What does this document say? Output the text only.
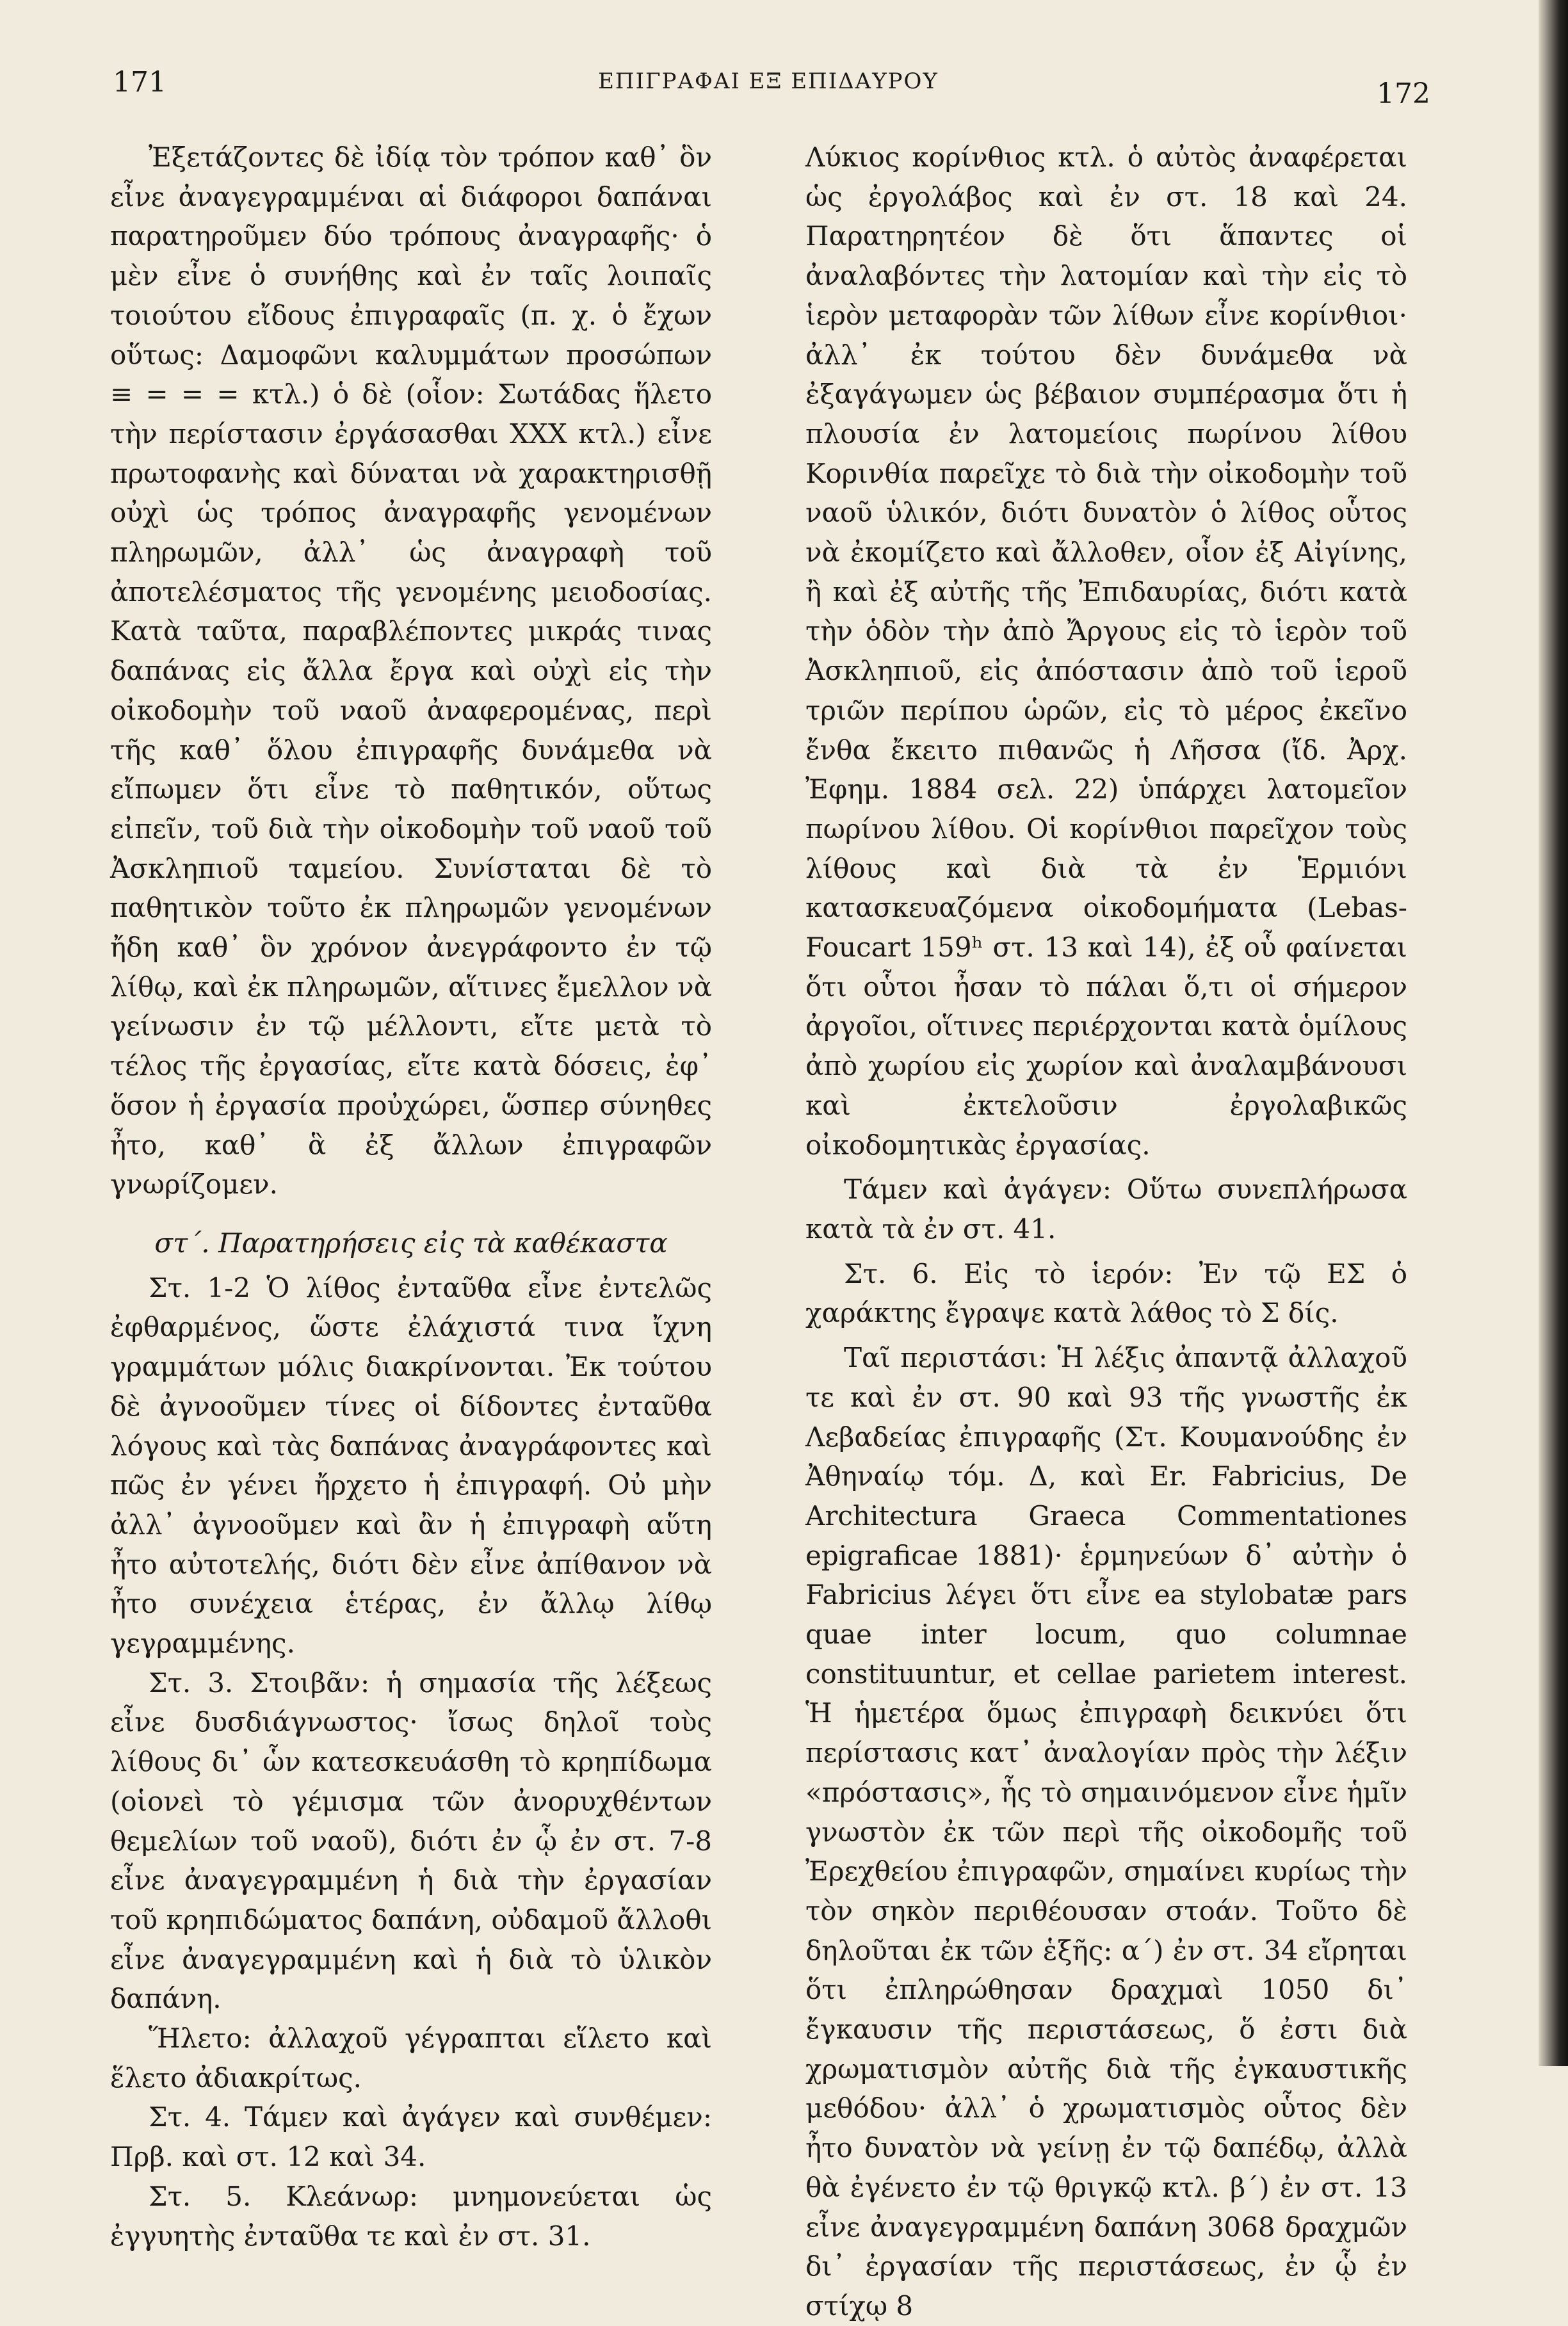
171	ΕΠΙΓΡΑΦΑΙ ΕΞ ΕΠΙΔΑΥΡΟΥ	172

Ἐξετάζοντες δὲ ἰδίᾳ τὸν τρόπον καθ᾽ ὃν εἶνε ἀναγεγραμμέναι αἱ διάφοροι δαπάναι παρατηροῦμεν δύο τρόπους ἀναγραφῆς· ὁ μὲν εἶνε ὁ συνήθης καὶ ἐν ταῖς λοιπαῖς τοιούτου εἴδους ἐπιγραφαῖς (π. χ. ὁ ἔχων οὕτως: Δαμοφῶνι καλυμμάτων προσώπων ≡ = = = κτλ.) ὁ δὲ (οἷον: Σωτάδας ἥλετο τὴν περίστασιν ἐργάσασθαι XXX κτλ.) εἶνε πρωτοφανὴς καὶ δύναται νὰ χαρακτηρισθῇ οὐχὶ ὡς τρόπος ἀναγραφῆς γενομένων πληρωμῶν, ἀλλ᾽ ὡς ἀναγραφὴ τοῦ ἀποτελέσματος τῆς γενομένης μειοδοσίας. Κατὰ ταῦτα, παραβλέποντες μικράς τινας δαπάνας εἰς ἄλλα ἔργα καὶ οὐχὶ εἰς τὴν οἰκοδομὴν τοῦ ναοῦ ἀναφερομένας, περὶ τῆς καθ᾽ ὅλου ἐπιγραφῆς δυνάμεθα νὰ εἴπωμεν ὅτι εἶνε τὸ παθητικόν, οὕτως εἰπεῖν, τοῦ διὰ τὴν οἰκοδομὴν τοῦ ναοῦ τοῦ Ἀσκληπιοῦ ταμείου. Συνίσταται δὲ τὸ παθητικὸν τοῦτο ἐκ πληρωμῶν γενομένων ἤδη καθ᾽ ὃν χρόνον ἀνεγράφοντο ἐν τῷ λίθῳ, καὶ ἐκ πληρωμῶν, αἵτινες ἔμελλον νὰ γείνωσιν ἐν τῷ μέλλοντι, εἴτε μετὰ τὸ τέλος τῆς ἐργασίας, εἴτε κατὰ δόσεις, ἐφ᾽ ὅσον ἡ ἐργασία προὐχώρει, ὥσπερ σύνηθες ἦτο, καθ᾽ ἃ ἐξ ἄλλων ἐπιγραφῶν γνωρίζομεν.

στ΄. Παρατηρήσεις εἰς τὰ καθέκαστα

Στ. 1-2 Ὁ λίθος ἐνταῦθα εἶνε ἐντελῶς ἐφθαρμένος, ὥστε ἐλάχιστά τινα ἴχνη γραμμάτων μόλις διακρίνονται. Ἐκ τούτου δὲ ἀγνοοῦμεν τίνες οἱ δίδοντες ἐνταῦθα λόγους καὶ τὰς δαπάνας ἀναγράφοντες καὶ πῶς ἐν γένει ἤρχετο ἡ ἐπιγραφή. Οὐ μὴν ἀλλ᾽ ἀγνοοῦμεν καὶ ἂν ἡ ἐπιγραφὴ αὕτη ἦτο αὐτοτελής, διότι δὲν εἶνε ἀπίθανον νὰ ἦτο συνέχεια ἑτέρας, ἐν ἄλλῳ λίθῳ γεγραμμένης.

Στ. 3. Στοιβᾶν: ἡ σημασία τῆς λέξεως εἶνε δυσδιάγνωστος· ἴσως δηλοῖ τοὺς λίθους δι᾽ ὧν κατεσκευάσθη τὸ κρηπίδωμα (οἱονεὶ τὸ γέμισμα τῶν ἀνορυχθέντων θεμελίων τοῦ ναοῦ), διότι ἐν ᾧ ἐν στ. 7-8 εἶνε ἀναγεγραμμένη ἡ διὰ τὴν ἐργασίαν τοῦ κρηπιδώματος δαπάνη, οὐδαμοῦ ἄλλοθι εἶνε ἀναγεγραμμένη καὶ ἡ διὰ τὸ ὑλικὸν δαπάνη.

Ἥλετο: ἀλλαχοῦ γέγραπται εἵλετο καὶ ἕλετο ἀδιακρίτως.

Στ. 4. Τάμεν καὶ ἀγάγεν καὶ συνθέμεν: Πρβ. καὶ στ. 12 καὶ 34.

Στ. 5. Κλεάνωρ: μνημονεύεται ὡς ἐγγυητὴς ἐνταῦθα τε καὶ ἐν στ. 31.

Λύκιος κορίνθιος κτλ. ὁ αὐτὸς ἀναφέρεται ὡς ἐργολάβος καὶ ἐν στ. 18 καὶ 24. Παρατηρητέον δὲ ὅτι ἅπαντες οἱ ἀναλαβόντες τὴν λατομίαν καὶ τὴν εἰς τὸ ἱερὸν μεταφορὰν τῶν λίθων εἶνε κορίνθιοι· ἀλλ᾽ ἐκ τούτου δὲν δυνάμεθα νὰ ἐξαγάγωμεν ὡς βέβαιον συμπέρασμα ὅτι ἡ πλουσία ἐν λατομείοις πωρίνου λίθου Κορινθία παρεῖχε τὸ διὰ τὴν οἰκοδομὴν τοῦ ναοῦ ὑλικόν, διότι δυνατὸν ὁ λίθος οὗτος νὰ ἐκομίζετο καὶ ἄλλοθεν, οἷον ἐξ Αἰγίνης, ἢ καὶ ἐξ αὐτῆς τῆς Ἐπιδαυρίας, διότι κατὰ τὴν ὁδὸν τὴν ἀπὸ Ἄργους εἰς τὸ ἱερὸν τοῦ Ἀσκληπιοῦ, εἰς ἀπόστασιν ἀπὸ τοῦ ἱεροῦ τριῶν περίπου ὡρῶν, εἰς τὸ μέρος ἐκεῖνο ἔνθα ἔκειτο πιθανῶς ἡ Λῆσσα (ἴδ. Ἀρχ. Ἐφημ. 1884 σελ. 22) ὑπάρχει λατομεῖον πωρίνου λίθου. Οἱ κορίνθιοι παρεῖχον τοὺς λίθους καὶ διὰ τὰ ἐν Ἑρμιόνι κατασκευαζόμενα οἰκοδομήματα (Lebas-Foucart 159ʰ στ. 13 καὶ 14), ἐξ οὗ φαίνεται ὅτι οὗτοι ἦσαν τὸ πάλαι ὅ,τι οἱ σήμερον ἀργοῖοι, οἵτινες περιέρχονται κατὰ ὁμίλους ἀπὸ χωρίου εἰς χωρίον καὶ ἀναλαμβάνουσι καὶ ἐκτελοῦσιν ἐργολαβικῶς οἰκοδομητικὰς ἐργασίας.

Τάμεν καὶ ἀγάγεν: Οὕτω συνεπλήρωσα κατὰ τὰ ἐν στ. 41.

Στ. 6. Εἰς τὸ ἱερόν: Ἐν τῷ ΕΣ ὁ χαράκτης ἔγραψε κατὰ λάθος τὸ Σ δίς.

Ταῖ περιστάσι: Ἡ λέξις ἀπαντᾷ ἀλλαχοῦ τε καὶ ἐν στ. 90 καὶ 93 τῆς γνωστῆς ἐκ Λεβαδείας ἐπιγραφῆς (Στ. Κουμανούδης ἐν Ἀθηναίῳ τόμ. Δ, καὶ Er. Fabricius, De Architectura Graeca Commentationes epigraficae 1881)· ἑρμηνεύων δ᾽ αὐτὴν ὁ Fabricius λέγει ὅτι εἶνε ea stylobatæ pars quae inter locum, quo columnae constituuntur, et cellae parietem interest. Ἡ ἡμετέρα ὅμως ἐπιγραφὴ δεικνύει ὅτι περίστασις κατ᾽ ἀναλογίαν πρὸς τὴν λέξιν «πρόστασις», ἧς τὸ σημαινόμενον εἶνε ἡμῖν γνωστὸν ἐκ τῶν περὶ τῆς οἰκοδομῆς τοῦ Ἐρεχθείου ἐπιγραφῶν, σημαίνει κυρίως τὴν τὸν σηκὸν περιθέουσαν στοάν. Τοῦτο δὲ δηλοῦται ἐκ τῶν ἑξῆς: α΄) ἐν στ. 34 εἴρηται ὅτι ἐπληρώθησαν δραχμαὶ 1050 δι᾽ ἔγκαυσιν τῆς περιστάσεως, ὅ ἐστι διὰ χρωματισμὸν αὐτῆς διὰ τῆς ἐγκαυστικῆς μεθόδου· ἀλλ᾽ ὁ χρωματισμὸς οὗτος δὲν ἦτο δυνατὸν νὰ γείνῃ ἐν τῷ δαπέδῳ, ἀλλὰ θὰ ἐγένετο ἐν τῷ θριγκῷ κτλ. β΄) ἐν στ. 13 εἶνε ἀναγεγραμμένη δαπάνη 3068 δραχμῶν δι᾽ ἐργασίαν τῆς περιστάσεως, ἐν ᾧ ἐν στίχῳ 8
